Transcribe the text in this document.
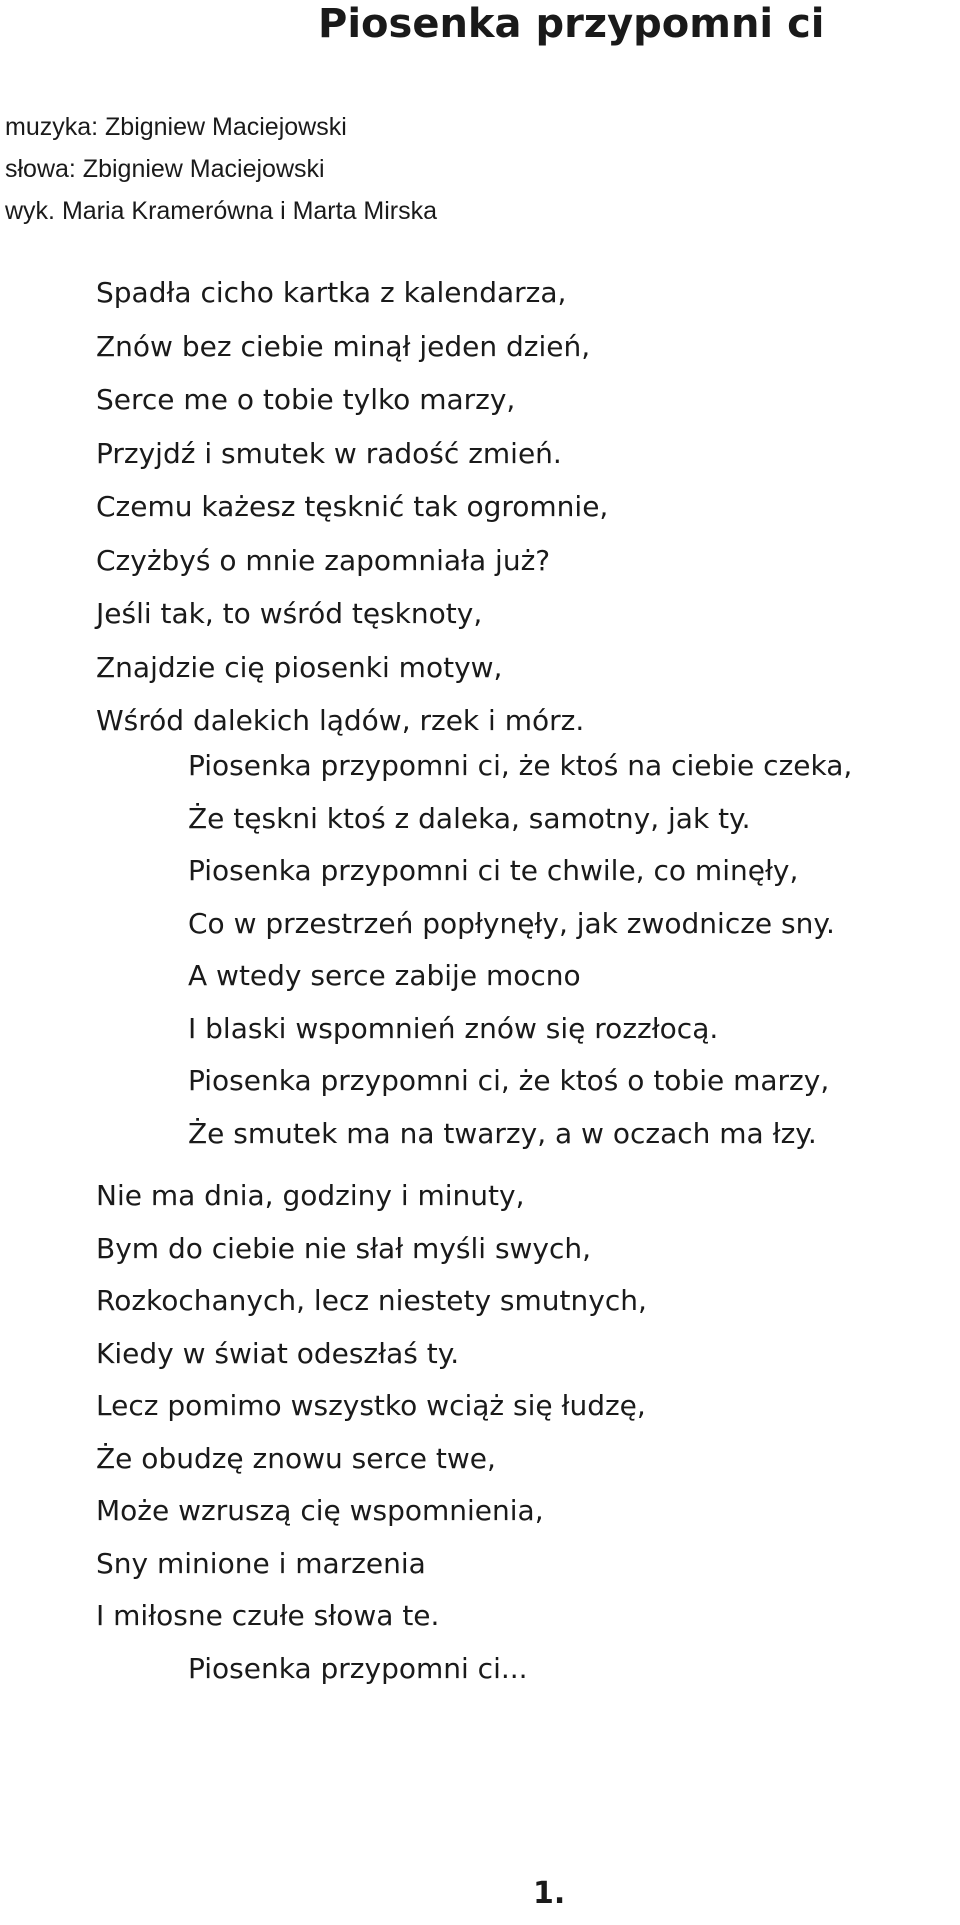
Piosenka przypomni ci
muzyka: Zbigniew Maciejowski
słowa: Zbigniew Maciejowski
wyk. Maria Kramerówna i Marta Mirska
Spadła cicho kartka z kalendarza,
Znów bez ciebie minął jeden dzień,
Serce me o tobie tylko marzy,
Przyjdź i smutek w radość zmień.
Czemu każesz tęsknić tak ogromnie,
Czyżbyś o mnie zapomniała już?
Jeśli tak, to wśród tęsknoty,
Znajdzie cię piosenki motyw,
Wśród dalekich lądów, rzek i mórz.
Piosenka przypomni ci, że ktoś na ciebie czeka,
Że tęskni ktoś z daleka, samotny, jak ty.
Piosenka przypomni ci te chwile, co minęły,
Co w przestrzeń popłynęły, jak zwodnicze sny.
A wtedy serce zabije mocno
I blaski wspomnień znów się rozzłocą.
Piosenka przypomni ci, że ktoś o tobie marzy,
Że smutek ma na twarzy, a w oczach ma łzy.
Nie ma dnia, godziny i minuty,
Bym do ciebie nie słał myśli swych,
Rozkochanych, lecz niestety smutnych,
Kiedy w świat odeszłaś ty.
Lecz pomimo wszystko wciąż się łudzę,
Że obudzę znowu serce twe,
Może wzruszą cię wspomnienia,
Sny minione i marzenia
I miłosne czułe słowa te.
Piosenka przypomni ci...
1.
